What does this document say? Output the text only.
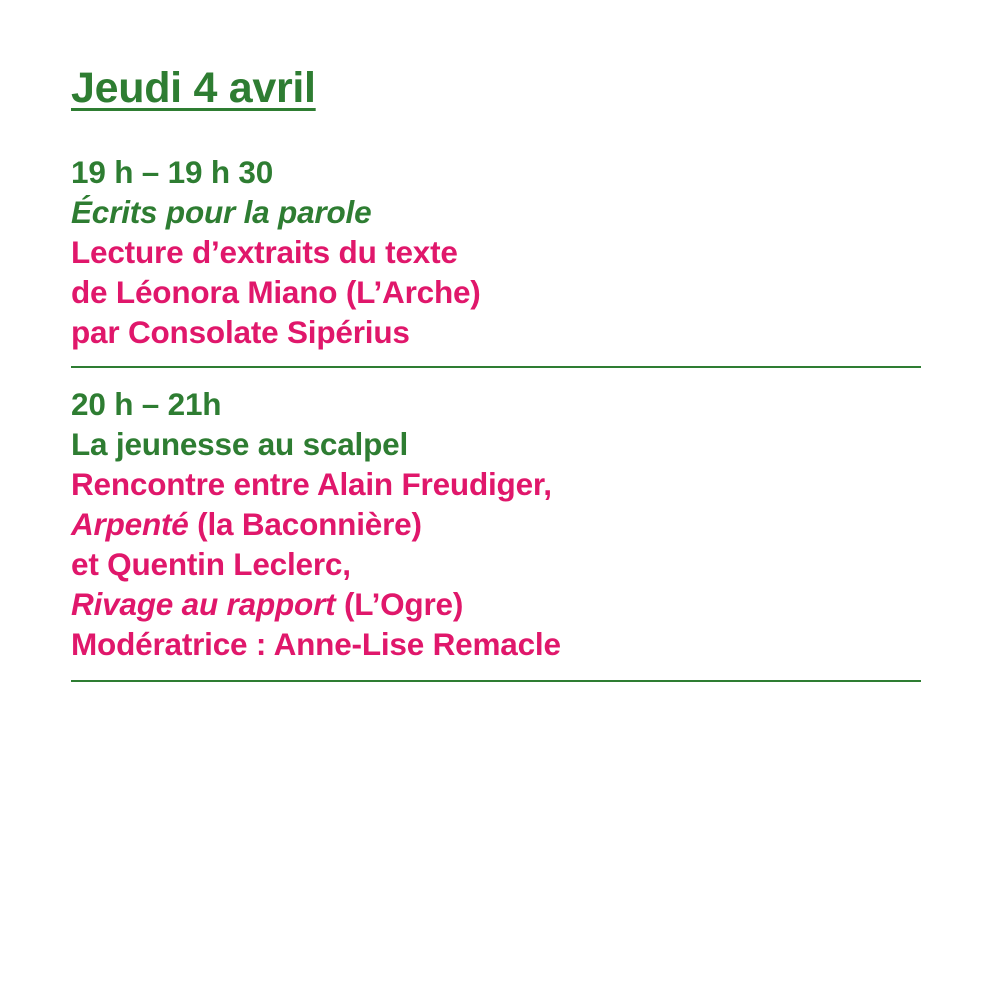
Jeudi 4 avril
19 h – 19 h 30
Écrits pour la parole
Lecture d’extraits du texte
de Léonora Miano (L’Arche)
par Consolate Sipérius
20 h – 21h
La jeunesse au scalpel
Rencontre entre Alain Freudiger,
Arpenté (la Baconnière)
et Quentin Leclerc,
Rivage au rapport (L’Ogre)
Modératrice : Anne-Lise Remacle
